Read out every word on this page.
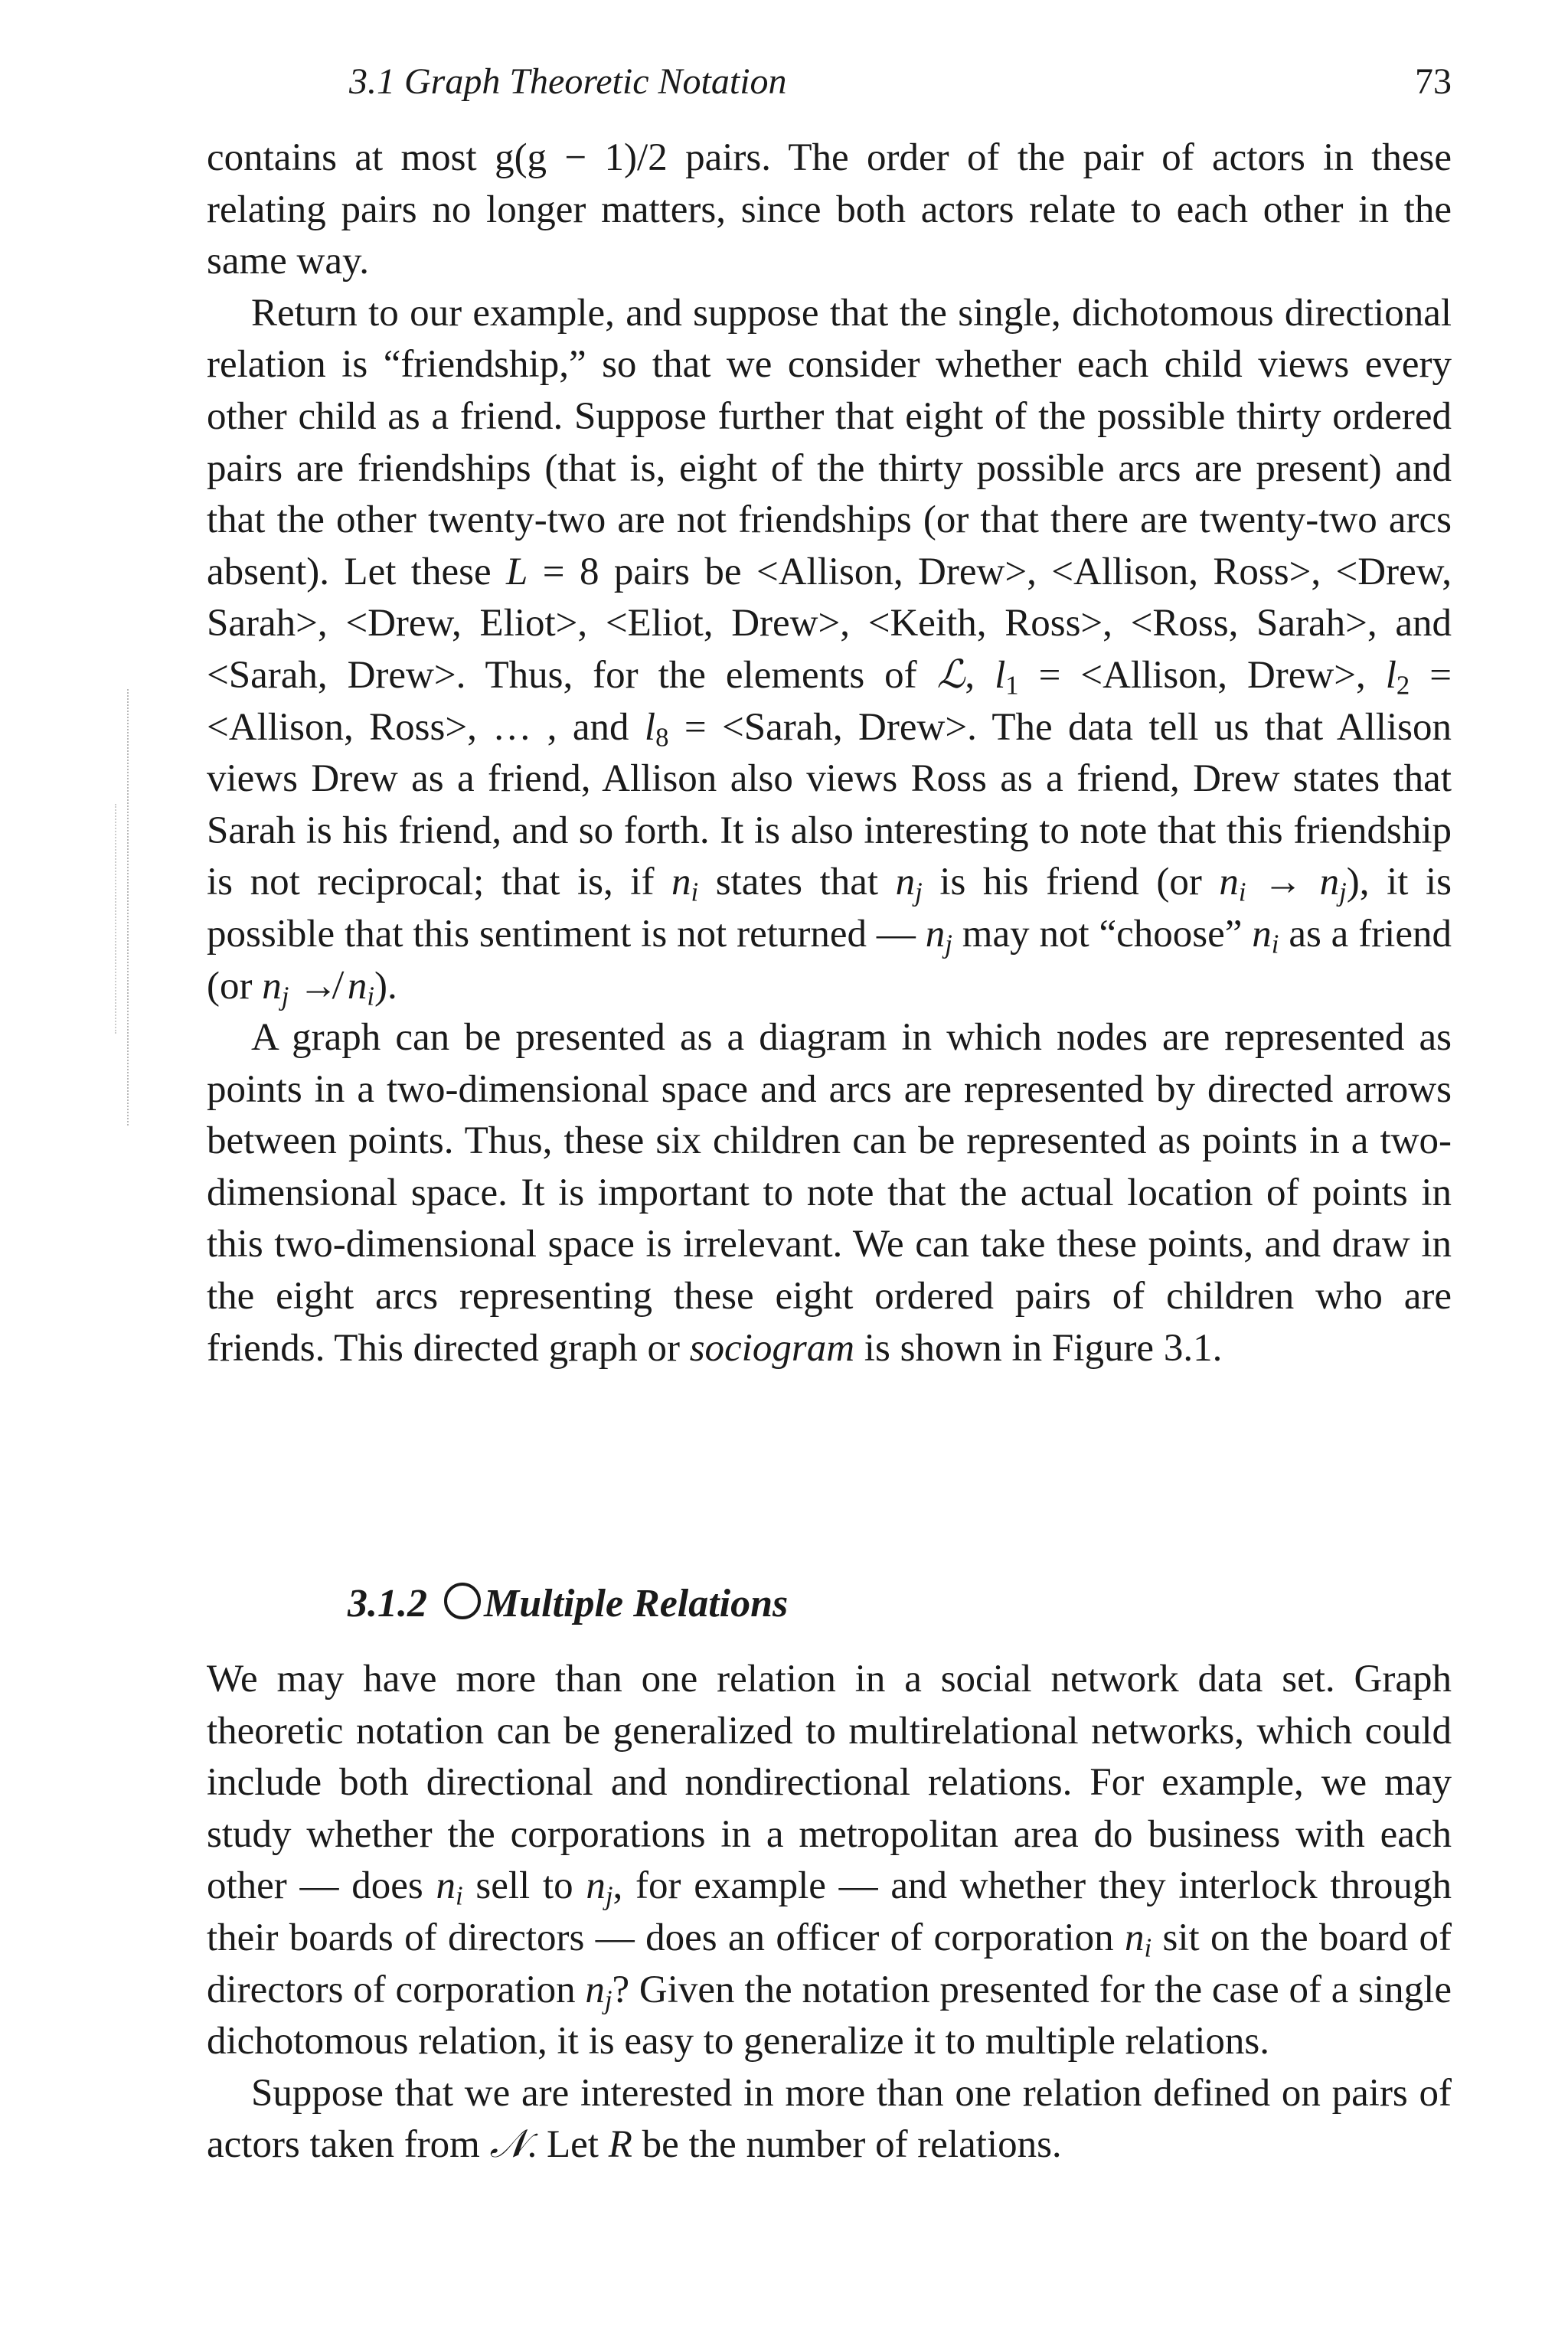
3.1 Graph Theoretic Notation	73

contains at most g(g − 1)/2 pairs. The order of the pair of actors in these relating pairs no longer matters, since both actors relate to each other in the same way.

Return to our example, and suppose that the single, dichotomous directional relation is “friendship,” so that we consider whether each child views every other child as a friend. Suppose further that eight of the possible thirty ordered pairs are friendships (that is, eight of the thirty possible arcs are present) and that the other twenty-two are not friendships (or that there are twenty-two arcs absent). Let these L = 8 pairs be <Allison, Drew>, <Allison, Ross>, <Drew, Sarah>, <Drew, Eliot>, <Eliot, Drew>, <Keith, Ross>, <Ross, Sarah>, and <Sarah, Drew>. Thus, for the elements of ℒ, $l_1$ = <Allison, Drew>, $l_2$ = <Allison, Ross>, … , and $l_8$ = <Sarah, Drew>. The data tell us that Allison views Drew as a friend, Allison also views Ross as a friend, Drew states that Sarah is his friend, and so forth. It is also interesting to note that this friendship is not reciprocal; that is, if $n_i$ states that $n_j$ is his friend (or $n_i \to n_j$), it is possible that this sentiment is not returned — $n_j$ may not “choose” $n_i$ as a friend (or $n_j$ ↛ $n_i$).

A graph can be presented as a diagram in which nodes are represented as points in a two-dimensional space and arcs are represented by directed arrows between points. Thus, these six children can be represented as points in a two-dimensional space. It is important to note that the actual location of points in this two-dimensional space is irrelevant. We can take these points, and draw in the eight arcs representing these eight ordered pairs of children who are friends. This directed graph or sociogram is shown in Figure 3.1.

3.1.2 Multiple Relations

We may have more than one relation in a social network data set. Graph theoretic notation can be generalized to multirelational networks, which could include both directional and nondirectional relations. For example, we may study whether the corporations in a metropolitan area do business with each other — does $n_i$ sell to $n_j$, for example — and whether they interlock through their boards of directors — does an officer of corporation $n_i$ sit on the board of directors of corporation $n_j$? Given the notation presented for the case of a single dichotomous relation, it is easy to generalize it to multiple relations.

Suppose that we are interested in more than one relation defined on pairs of actors taken from 𝒩. Let R be the number of relations.
